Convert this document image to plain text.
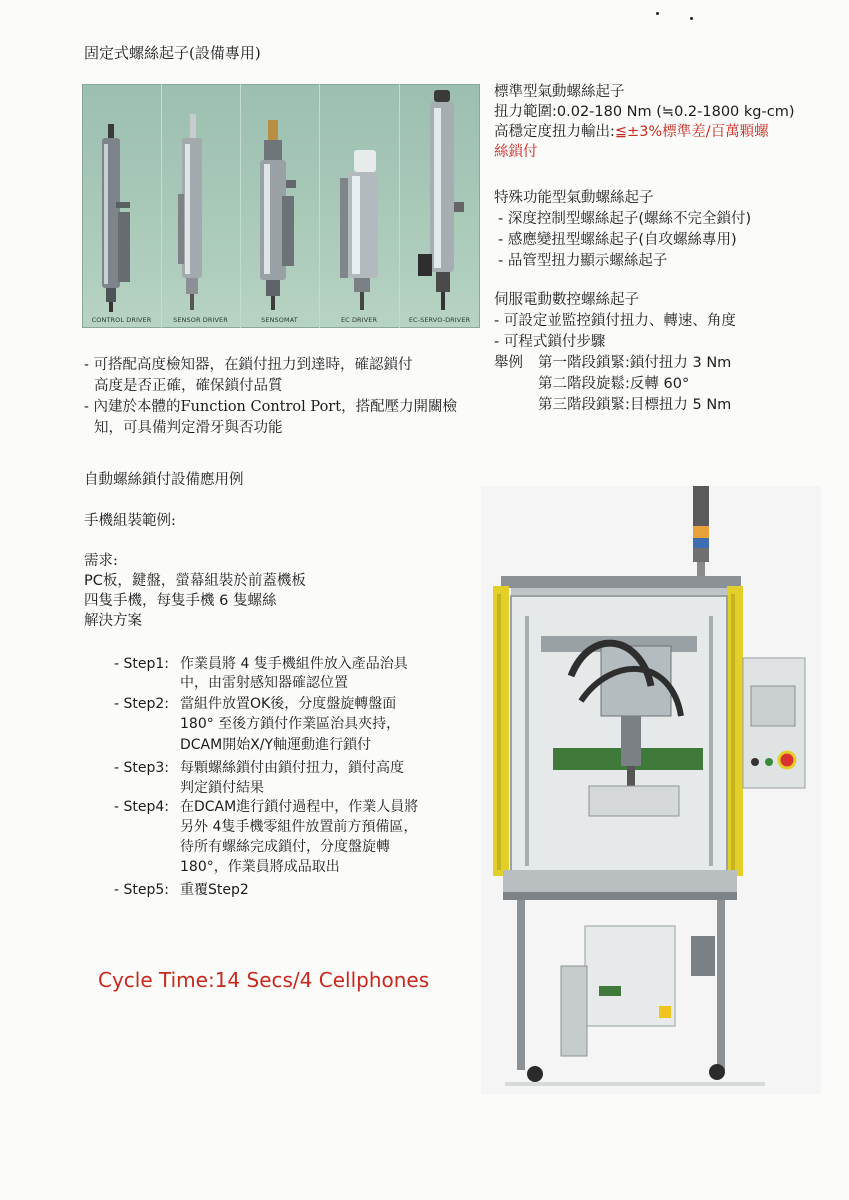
固定式螺絲起子(設備專用)
CONTROL DRIVER	SENSOR DRIVER	SENSOMAT	EC DRIVER	EC-SERVO-DRIVER
- 可搭配高度檢知器，在鎖付扭力到達時，確認鎖付
高度是否正確，確保鎖付品質
- 內建於本體的Function Control Port，搭配壓力開關檢
知，可具備判定滑牙與否功能
標準型氣動螺絲起子
扭力範圍:0.02-180 Nm (≒0.2-1800 kg-cm)
高穩定度扭力輸出:≦±3%標準差/百萬顆螺
絲鎖付
特殊功能型氣動螺絲起子
- 深度控制型螺絲起子(螺絲不完全鎖付)
- 感應變扭型螺絲起子(自攻螺絲專用)
- 品管型扭力顯示螺絲起子
伺服電動數控螺絲起子
- 可設定並監控鎖付扭力、轉速、角度
- 可程式鎖付步驟
舉例 第一階段鎖緊:鎖付扭力 3 Nm
第二階段旋鬆:反轉 60°
第三階段鎖緊:目標扭力 5 Nm
自動螺絲鎖付設備應用例
手機組裝範例:
需求:
PC板，鍵盤，螢幕組裝於前蓋機板
四隻手機，每隻手機 6 隻螺絲
解決方案
- Step1: 作業員將 4 隻手機組件放入產品治具
中，由雷射感知器確認位置
- Step2: 當組件放置OK後，分度盤旋轉盤面
180° 至後方鎖付作業區治具夾持，
DCAM開始X/Y軸運動進行鎖付
- Step3: 每顆螺絲鎖付由鎖付扭力，鎖付高度
判定鎖付結果
- Step4: 在DCAM進行鎖付過程中，作業人員將
另外 4隻手機零組件放置前方預備區，
待所有螺絲完成鎖付，分度盤旋轉
180°，作業員將成品取出
- Step5: 重覆Step2
Cycle Time:14 Secs/4 Cellphones
